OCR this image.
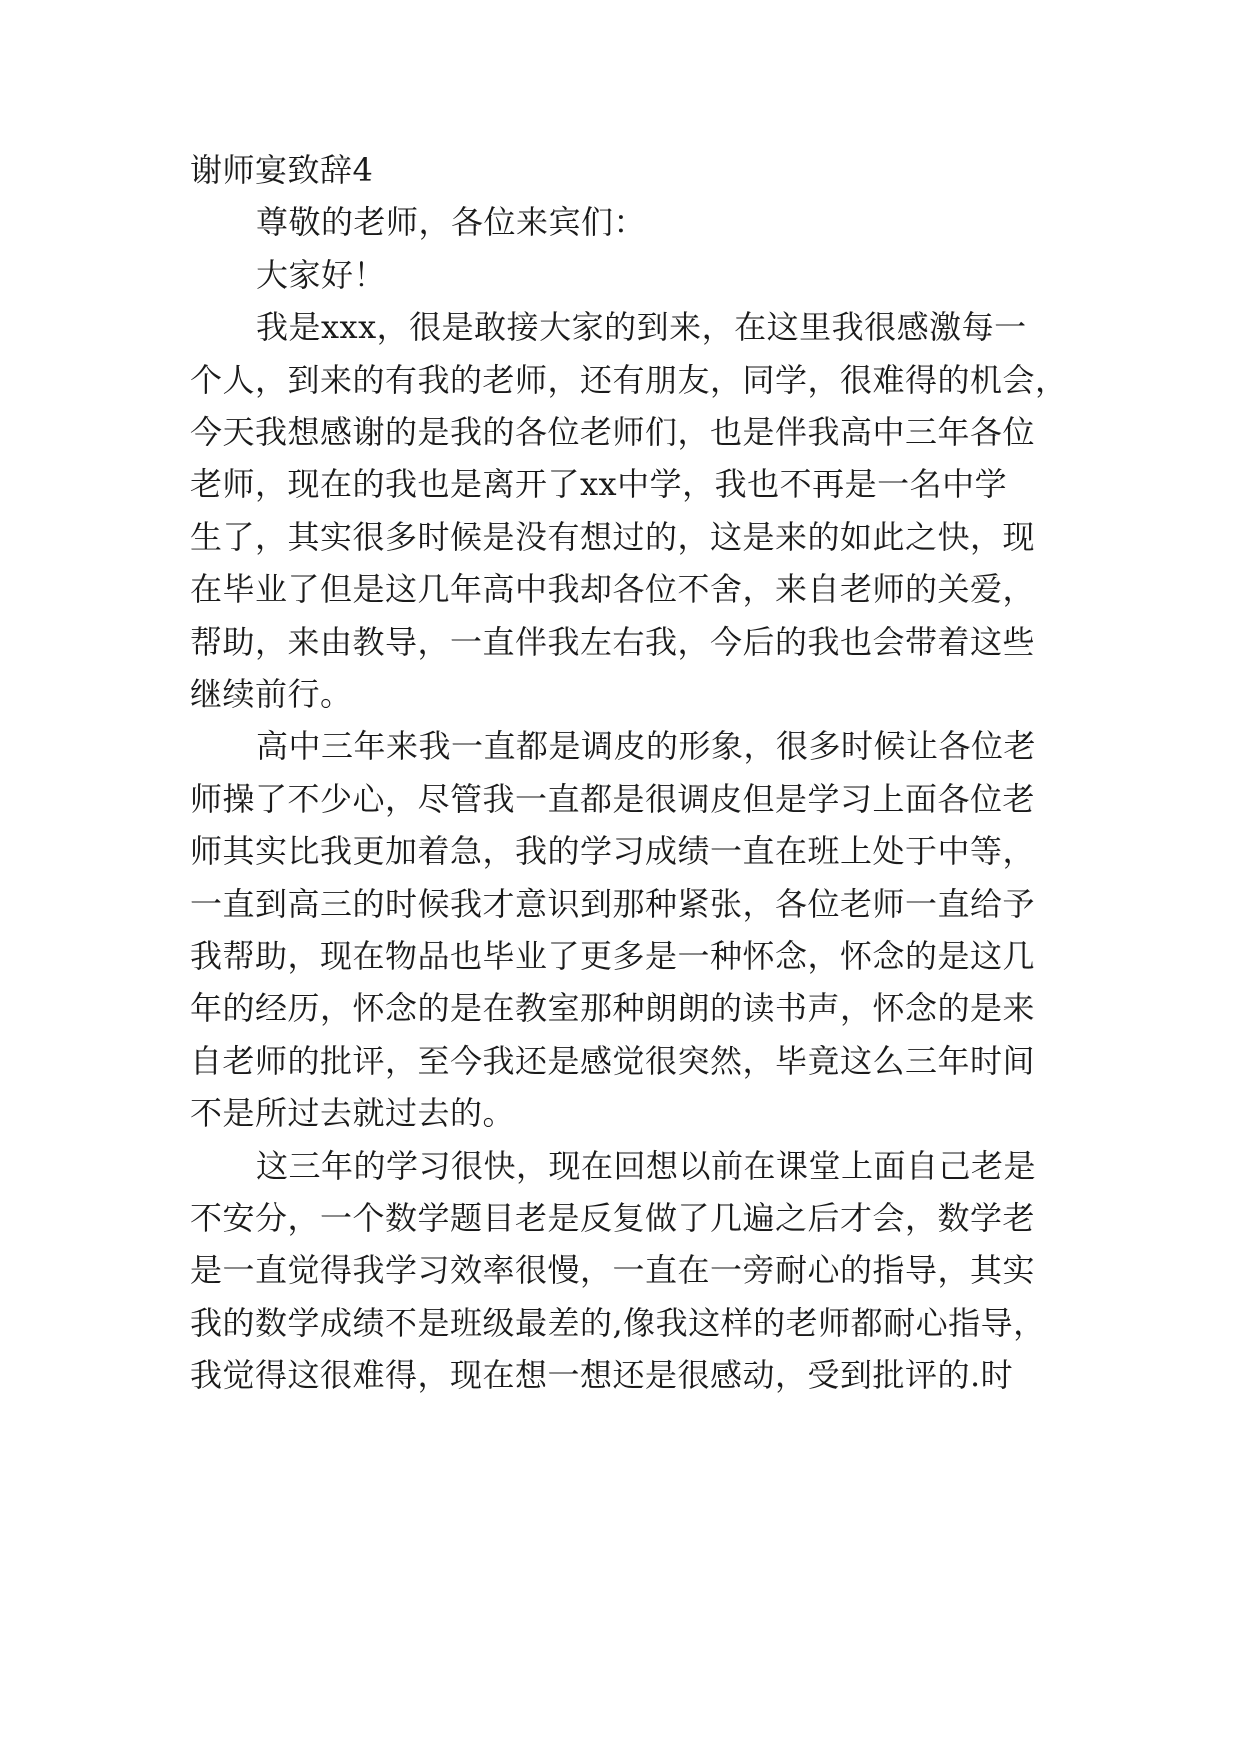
谢师宴致辞4
尊敬的老师，各位来宾们：
大家好！
我是xxx，很是敢接大家的到来，在这里我很感激每一
个人，到来的有我的老师，还有朋友，同学，很难得的机会，
今天我想感谢的是我的各位老师们，也是伴我高中三年各位
老师，现在的我也是离开了xx中学，我也不再是一名中学
生了，其实很多时候是没有想过的，这是来的如此之快，现
在毕业了但是这几年高中我却各位不舍，来自老师的关爱，
帮助，来由教导，一直伴我左右我，今后的我也会带着这些
继续前行。
高中三年来我一直都是调皮的形象，很多时候让各位老
师操了不少心，尽管我一直都是很调皮但是学习上面各位老
师其实比我更加着急，我的学习成绩一直在班上处于中等，
一直到高三的时候我才意识到那种紧张，各位老师一直给予
我帮助，现在物品也毕业了更多是一种怀念，怀念的是这几
年的经历，怀念的是在教室那种朗朗的读书声，怀念的是来
自老师的批评，至今我还是感觉很突然，毕竟这么三年时间
不是所过去就过去的。
这三年的学习很快，现在回想以前在课堂上面自己老是
不安分，一个数学题目老是反复做了几遍之后才会，数学老
是一直觉得我学习效率很慢，一直在一旁耐心的指导，其实
我的数学成绩不是班级最差的,像我这样的老师都耐心指导，
我觉得这很难得，现在想一想还是很感动，受到批评的.时
